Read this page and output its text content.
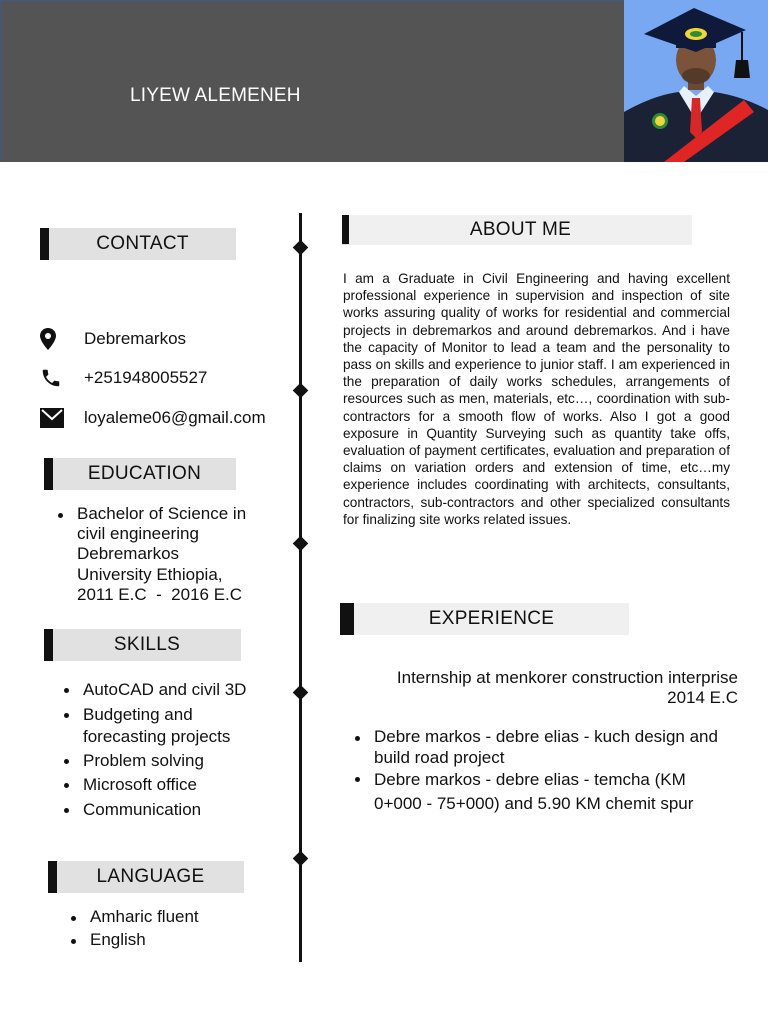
LIYEW ALEMENEH
CONTACT
Debremarkos
+251948005527
loyaleme06@gmail.com
EDUCATION
Bachelor of Science in
civil engineering
Debremarkos
University Ethiopia,
2011 E.C  -  2016 E.C
SKILLS
AutoCAD and civil 3D
Budgeting and forecasting projects
Problem solving
Microsoft office
Communication
LANGUAGE
Amharic fluent
English
ABOUT ME
I am a Graduate in Civil Engineering and having excellent professional experience in supervision and inspection of site works assuring quality of works for residential and commercial projects in debremarkos and around debremarkos. And i have the capacity of Monitor to lead a team and the personality to pass on skills and experience to junior staff. I am experienced in the preparation of daily works schedules, arrangements of resources such as men, materials, etc…, coordination with sub-contractors for a smooth flow of works. Also I got a good exposure in Quantity Surveying such as quantity take offs, evaluation of payment certificates, evaluation and preparation of claims on variation orders and extension of time, etc…my experience includes coordinating with architects, consultants, contractors, sub-contractors and other specialized consultants for finalizing site works related issues.
EXPERIENCE
Internship at menkorer construction interprise
2014 E.C
Debre markos - debre elias - kuch design and build road project
Debre markos - debre elias - temcha (KM 0+000 - 75+000) and 5.90 KM chemit spur
